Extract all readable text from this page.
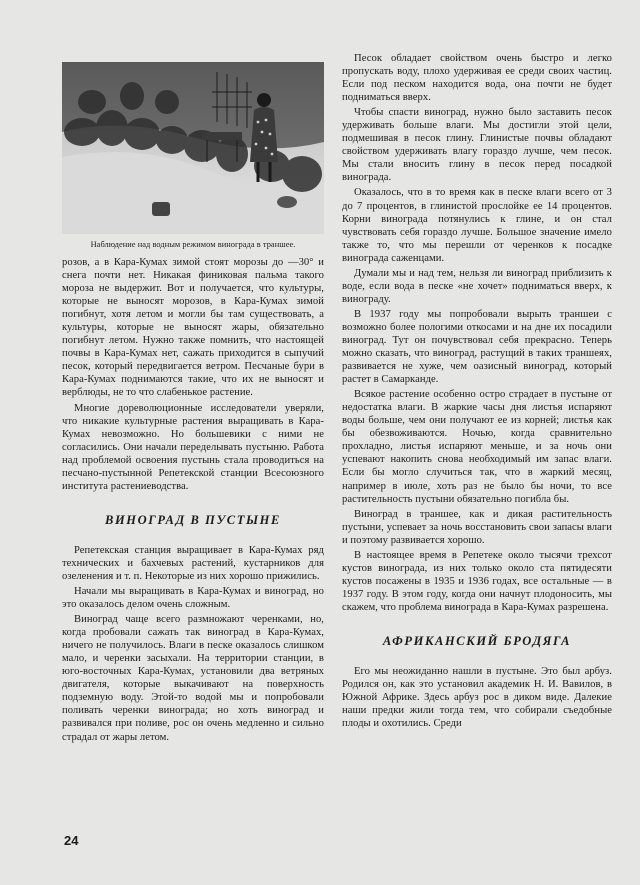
Наблюдение над водным режимом винограда в траншее.

розов, а в Кара-Кумах зимой стоят морозы до —30° и снега почти нет. Никакая финиковая пальма такого мороза не выдержит. Вот и получается, что культуры, которые не выносят морозов, в Кара-Кумах зимой погибнут, хотя летом и могли бы там существовать, а культуры, которые не выносят жары, обязательно погибнут летом. Нужно также помнить, что настоящей почвы в Кара-Кумах нет, сажать приходится в сыпучий песок, который передвигается ветром. Песчаные бури в Кара-Кумах поднимаются такие, что их не выносят и верблюды, не то что слабенькое растение.

Многие дореволюционные исследователи уверяли, что никакие культурные растения выращивать в Кара-Кумах невозможно. Но большевики с ними не согласились. Они начали переделывать пустыню. Работа над проблемой освоения пустынь стала проводиться на песчано-пустынной Репетекской станции Всесоюзного института растениеводства.

ВИНОГРАД В ПУСТЫНЕ

Репетекская станция выращивает в Кара-Кумах ряд технических и бахчевых растений, кустарников для озеленения и т. п. Некоторые из них хорошо прижились.

Начали мы выращивать в Кара-Кумах и виноград, но это оказалось делом очень сложным.

Виноград чаще всего размножают черенками, но, когда пробовали сажать так виноград в Кара-Кумах, ничего не получилось. Влаги в песке оказалось слишком мало, и черенки засыхали. На территории станции, в юго-восточных Кара-Кумах, установили два ветряных двигателя, которые выкачивают на поверхность подземную воду. Этой-то водой мы и попробовали поливать черенки винограда; но хоть виноград и развивался при поливе, рос он очень медленно и сильно страдал от жары летом.

Песок обладает свойством очень быстро и легко пропускать воду, плохо удерживая ее среди своих частиц. Если под песком находится вода, она почти не будет подниматься вверх.

Чтобы спасти виноград, нужно было заставить песок удерживать больше влаги. Мы достигли этой цели, подмешивая в песок глину. Глинистые почвы обладают свойством удерживать влагу гораздо лучше, чем песок. Мы стали вносить глину в песок перед посадкой винограда.

Оказалось, что в то время как в песке влаги всего от 3 до 7 процентов, в глинистой прослойке ее 14 процентов. Корни винограда потянулись к глине, и он стал чувствовать себя гораздо лучше. Большое значение имело также то, что мы перешли от черенков к посадке винограда саженцами.

Думали мы и над тем, нельзя ли виноград приблизить к воде, если вода в песке «не хочет» подниматься вверх, к винограду.

В 1937 году мы попробовали вырыть траншеи с возможно более пологими откосами и на дне их посадили виноград. Тут он почувствовал себя прекрасно. Теперь можно сказать, что виноград, растущий в таких траншеях, развивается не хуже, чем оазисный виноград, который растет в Самарканде.

Всякое растение особенно остро страдает в пустыне от недостатка влаги. В жаркие часы дня листья испаряют воды больше, чем они получают ее из корней; листья как бы обезвоживаются. Ночью, когда сравнительно прохладно, листья испаряют меньше, и за ночь они успевают накопить снова необходимый им запас влаги. Если бы могло случиться так, что в жаркий месяц, например в июле, хоть раз не было бы ночи, то все растительность пустыни обязательно погибла бы.

Виноград в траншее, как и дикая растительность пустыни, успевает за ночь восстановить свои запасы влаги и поэтому развивается хорошо.

В настоящее время в Репетеке около тысячи трехсот кустов винограда, из них только около ста пятидесяти кустов посажены в 1935 и 1936 годах, все остальные — в 1937 году. В этом году, когда они начнут плодоносить, мы скажем, что проблема винограда в Кара-Кумах разрешена.

АФРИКАНСКИЙ БРОДЯГА

Его мы неожиданно нашли в пустыне. Это был арбуз. Родился он, как это установил академик Н. И. Вавилов, в Южной Африке. Здесь арбуз рос в диком виде. Далекие наши предки жили тогда тем, что собирали съедобные плоды и охотились. Среди

24
